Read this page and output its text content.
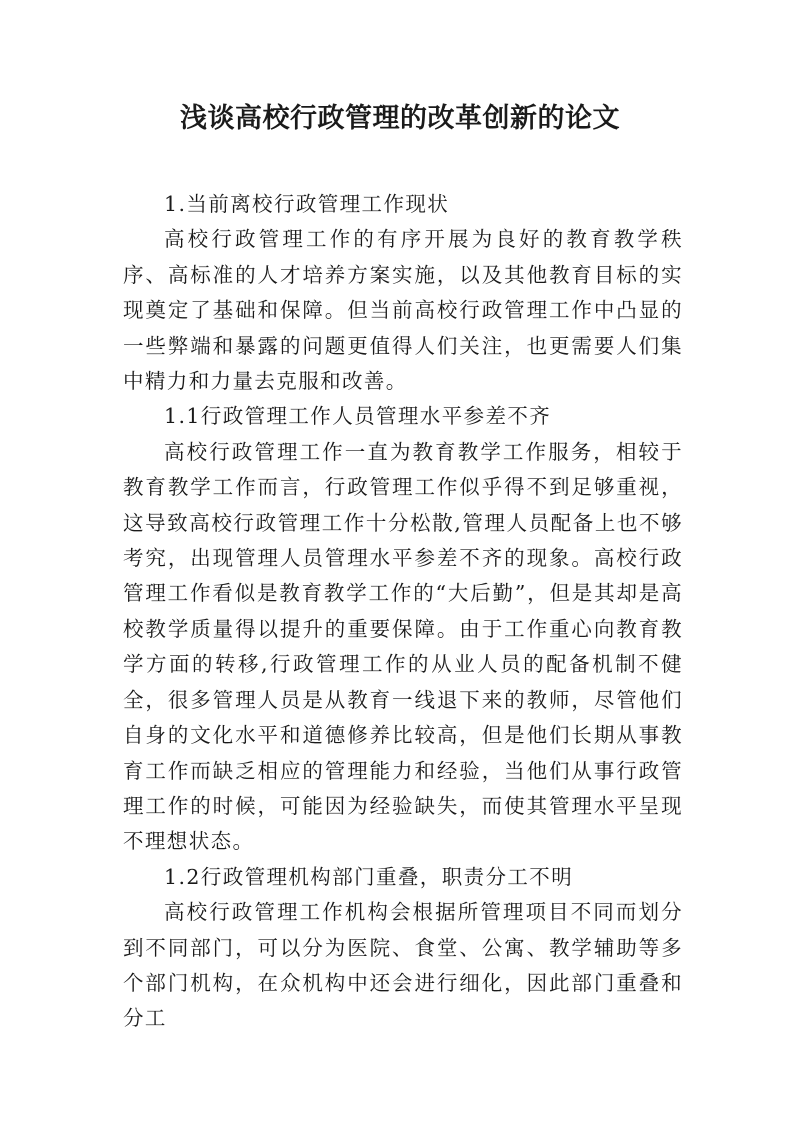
浅谈高校行政管理的改革创新的论文

1.当前离校行政管理工作现状

高校行政管理工作的有序开展为良好的教育教学秩序、高标准的人才培养方案实施，以及其他教育目标的实现奠定了基础和保障。但当前高校行政管理工作中凸显的一些弊端和暴露的问题更值得人们关注，也更需要人们集中精力和力量去克服和改善。

1.1行政管理工作人员管理水平参差不齐

高校行政管理工作一直为教育教学工作服务，相较于教育教学工作而言，行政管理工作似乎得不到足够重视，这导致高校行政管理工作十分松散,管理人员配备上也不够考究，出现管理人员管理水平参差不齐的现象。高校行政管理工作看似是教育教学工作的“大后勤”，但是其却是高校教学质量得以提升的重要保障。由于工作重心向教育教学方面的转移,行政管理工作的从业人员的配备机制不健全，很多管理人员是从教育一线退下来的教师，尽管他们自身的文化水平和道德修养比较高，但是他们长期从事教育工作而缺乏相应的管理能力和经验，当他们从事行政管理工作的时候，可能因为经验缺失，而使其管理水平呈现不理想状态。

1.2行政管理机构部门重叠，职责分工不明

高校行政管理工作机构会根据所管理项目不同而划分到不同部门，可以分为医院、食堂、公寓、教学辅助等多个部门机构，在众机构中还会进行细化，因此部门重叠和分工
